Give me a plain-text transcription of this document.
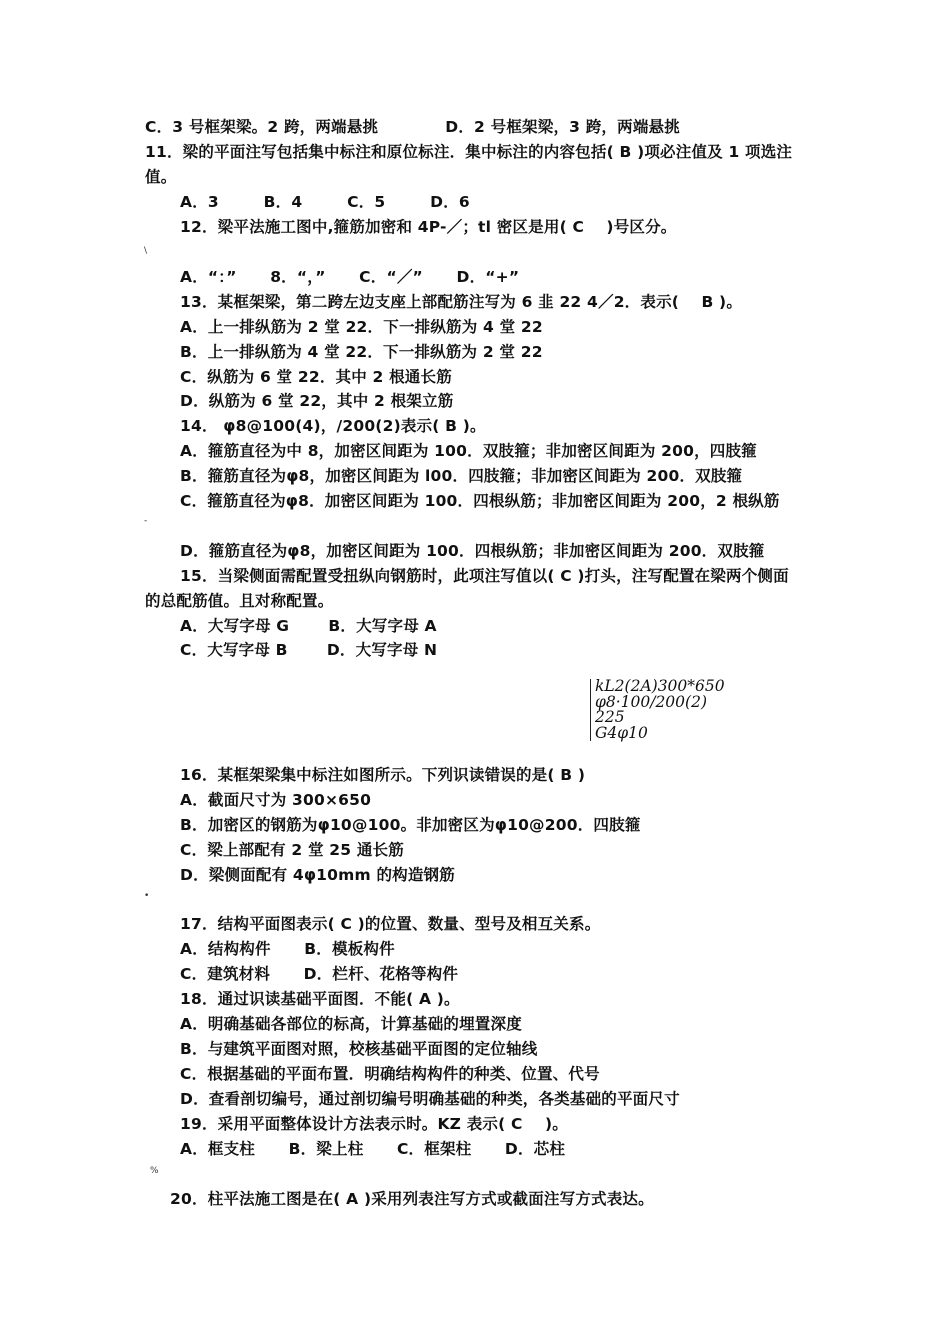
C．3 号框架梁。2 跨，两端悬挑            D．2 号框架梁，3 跨，两端悬挑
11．梁的平面注写包括集中标注和原位标注．集中标注的内容包括( B )项必注值及 1 项选注
值。
A．3        B．4        C．5        D．6
12．梁平法施工图中,箍筋加密和 4P-／；tl 密区是用( C    )号区分。
\
A．“：”      8．“，”      C．“／”      D．“+”
13．某框架梁，第二跨左边支座上部配筋注写为 6 韭 22 4／2．表示(    B )。
A．上一排纵筋为 2 堂 22．下一排纵筋为 4 堂 22
B．上一排纵筋为 4 堂 22．下一排纵筋为 2 堂 22
C．纵筋为 6 堂 22．其中 2 根通长筋
D．纵筋为 6 堂 22，其中 2 根架立筋
14． φ8@100(4)，/200(2)表示( B )。
A．箍筋直径为中 8，加密区间距为 100．双肢箍；非加密区间距为 200，四肢箍
B．箍筋直径为φ8，加密区间距为 l00．四肢箍；非加密区间距为 200．双肢箍
C．箍筋直径为φ8．加密区间距为 100．四根纵筋；非加密区间距为 200，2 根纵筋
-
D．箍筋直径为φ8，加密区间距为 100．四根纵筋；非加密区间距为 200．双肢箍
15．当梁侧面需配置受扭纵向钢筋时，此项注写值以( C )打头，注写配置在梁两个侧面
的总配筋值。且对称配置。
A．大写字母 G       B．大写字母 A
C．大写字母 B       D．大写字母 N
kL2(2A)300*650
φ8·100/200(2)
225
G4φ10
16．某框架梁集中标注如图所示。下列识读错误的是( B )
A．截面尺寸为 300×650
B．加密区的钢筋为φ10@100。非加密区为φ10@200．四肢箍
C．梁上部配有 2 堂 25 通长筋
D．梁侧面配有 4φ10mm 的构造钢筋
•
17．结构平面图表示( C )的位置、数量、型号及相互关系。
A．结构构件      B．模板构件
C．建筑材料      D．栏杆、花格等构件
18．通过识读基础平面图．不能( A )。
A．明确基础各部位的标高，计算基础的埋置深度
B．与建筑平面图对照，校核基础平面图的定位轴线
C．根据基础的平面布置．明确结构构件的种类、位置、代号
D．查看剖切编号，通过剖切编号明确基础的种类，各类基础的平面尺寸
19．采用平面整体设计方法表示时。KZ 表示( C    )。
A．框支柱      B．梁上柱      C．框架柱      D．芯柱
%
20．柱平法施工图是在( A )采用列表注写方式或截面注写方式表达。
